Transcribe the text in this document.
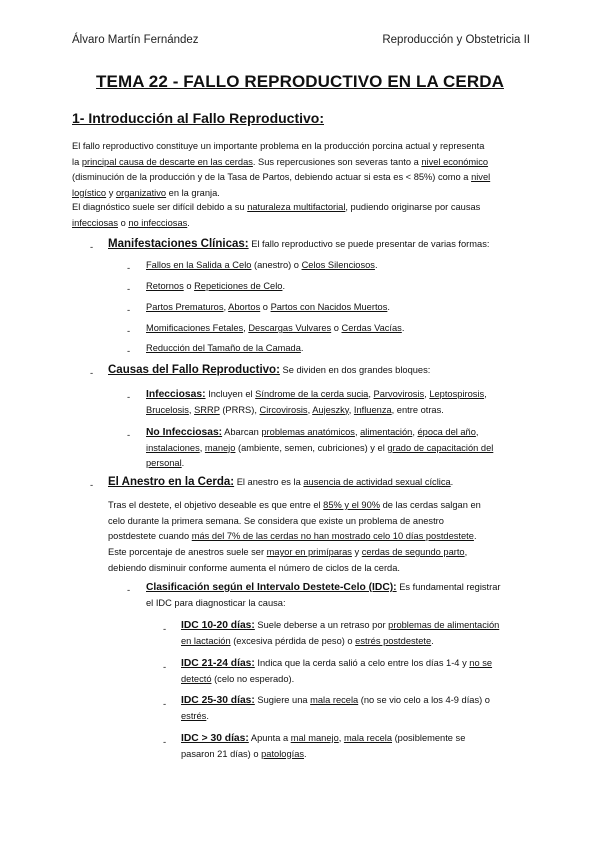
Álvaro Martín Fernández	Reproducción y Obstetricia II
TEMA 22 - FALLO REPRODUCTIVO EN LA CERDA
1- Introducción al Fallo Reproductivo:
El fallo reproductivo constituye un importante problema en la producción porcina actual y representa
la principal causa de descarte en las cerdas. Sus repercusiones son severas tanto a nivel económico
(disminución de la producción y de la Tasa de Partos, debiendo actuar si esta es < 85%) como a nivel
logístico y organizativo en la granja.
El diagnóstico suele ser difícil debido a su naturaleza multifactorial, pudiendo originarse por causas
infecciosas o no infecciosas.
- Manifestaciones Clínicas: El fallo reproductivo se puede presentar de varias formas:
- Fallos en la Salida a Celo (anestro) o Celos Silenciosos.
- Retornos o Repeticiones de Celo.
- Partos Prematuros, Abortos o Partos con Nacidos Muertos.
- Momificaciones Fetales, Descargas Vulvares o Cerdas Vacías.
- Reducción del Tamaño de la Camada.
- Causas del Fallo Reproductivo: Se dividen en dos grandes bloques:
- Infecciosas: Incluyen el Síndrome de la cerda sucia, Parvovirosis, Leptospirosis,
Brucelosis, SRRP (PRRS), Circovirosis, Aujeszky, Influenza, entre otras.
- No Infecciosas: Abarcan problemas anatómicos, alimentación, época del año,
instalaciones, manejo (ambiente, semen, cubriciones) y el grado de capacitación del
personal.
- El Anestro en la Cerda: El anestro es la ausencia de actividad sexual cíclica.
Tras el destete, el objetivo deseable es que entre el 85% y el 90% de las cerdas salgan en
celo durante la primera semana. Se considera que existe un problema de anestro
postdestete cuando más del 7% de las cerdas no han mostrado celo 10 días postdestete.
Este porcentaje de anestros suele ser mayor en primíparas y cerdas de segundo parto,
debiendo disminuir conforme aumenta el número de ciclos de la cerda.
- Clasificación según el Intervalo Destete-Celo (IDC): Es fundamental registrar
el IDC para diagnosticar la causa:
- IDC 10-20 días: Suele deberse a un retraso por problemas de alimentación
en lactación (excesiva pérdida de peso) o estrés postdestete.
- IDC 21-24 días: Indica que la cerda salió a celo entre los días 1-4 y no se
detectó (celo no esperado).
- IDC 25-30 días: Sugiere una mala recela (no se vio celo a los 4-9 días) o
estrés.
- IDC > 30 días: Apunta a mal manejo, mala recela (posiblemente se
pasaron 21 días) o patologías.
